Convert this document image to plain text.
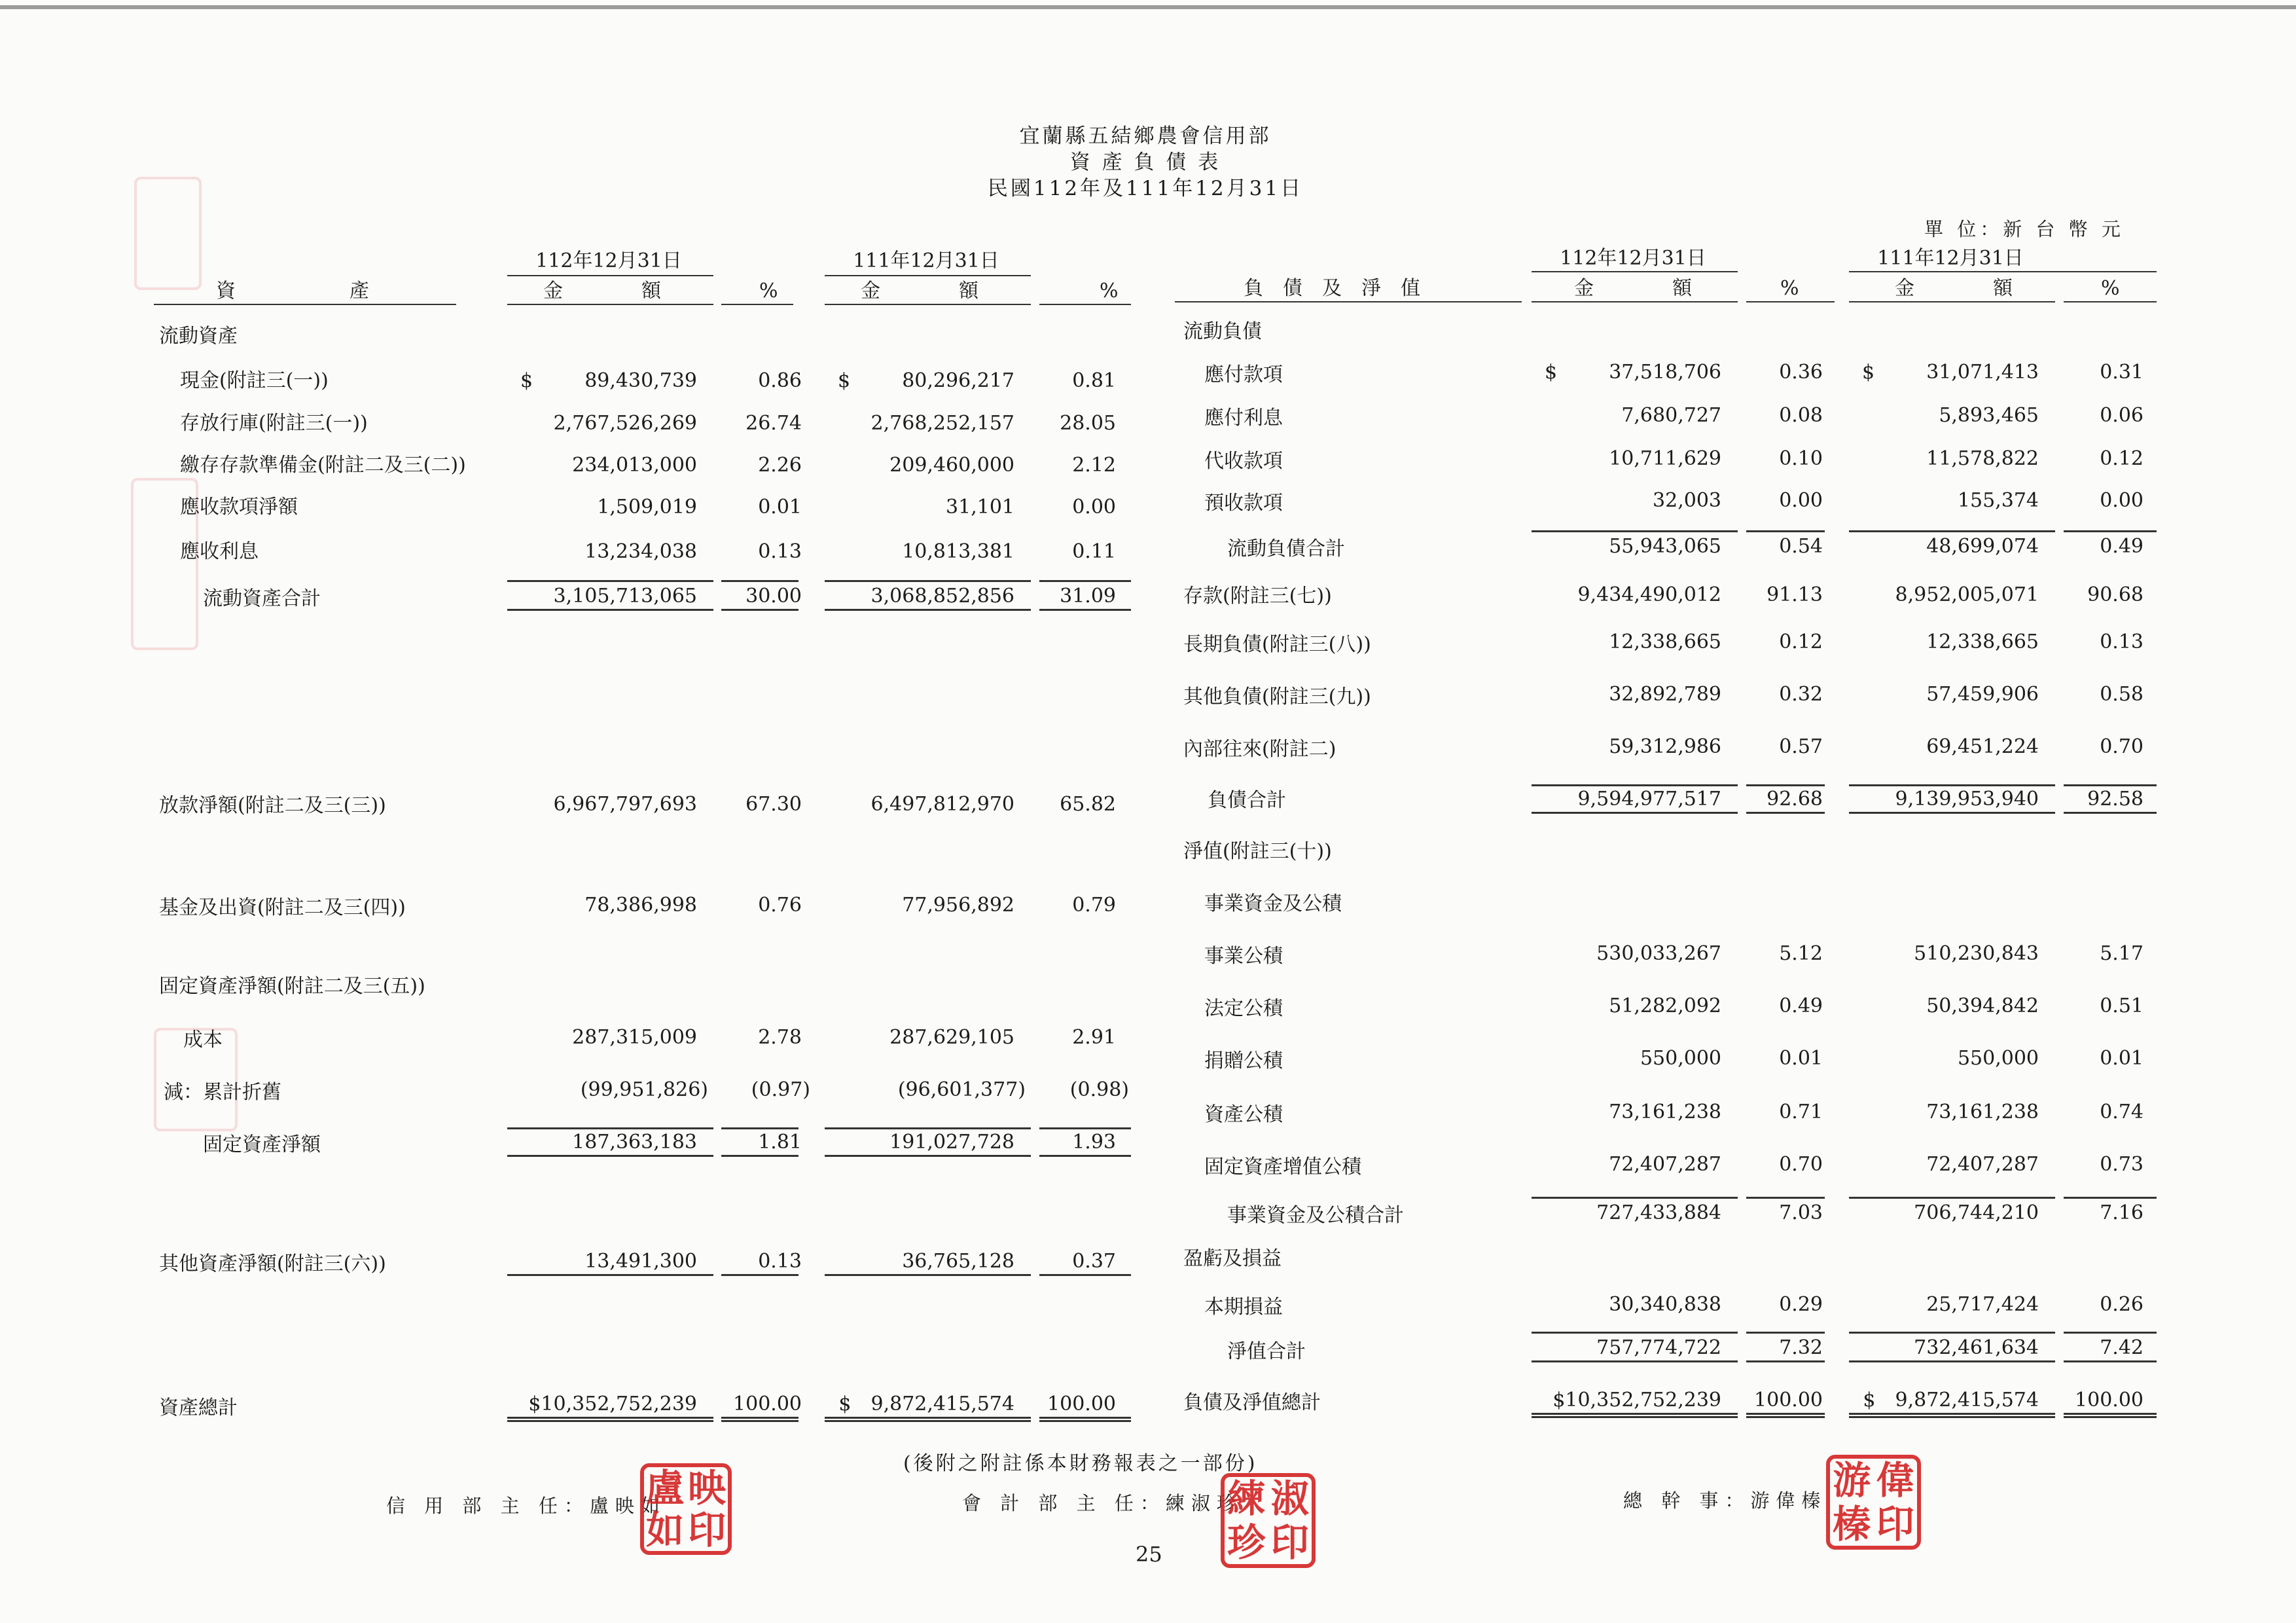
宜蘭縣五結鄉農會信用部
資 產 負 債 表
民國112年及111年12月31日
單 位：新 台 幣 元
112年12月31日	111年12月31日
資　　　　　產	金　　　　額	%	金　　　　額	%
112年12月31日	111年12月31日
負　債　及　淨　值	金　　　　額	%	金　　　　額	%
流動資產
現金(附註三(一))	$	89,430,739	0.86 $	80,296,217	0.81
存放行庫(附註三(一))	2,767,526,269	26.74	2,768,252,157	28.05
繳存存款準備金(附註二及三(二))	234,013,000	2.26	209,460,000	2.12
應收款項淨額	1,509,019	0.01	31,101	0.00
應收利息	13,234,038	0.13	10,813,381	0.11
流動資產合計	3,105,713,065	30.00	3,068,852,856	31.09
放款淨額(附註二及三(三))	6,967,797,693	67.30	6,497,812,970	65.82
基金及出資(附註二及三(四))	78,386,998	0.76	77,956,892	0.79
固定資產淨額(附註二及三(五))
成本	287,315,009	2.78	287,629,105	2.91
減：累計折舊	(99,951,826)	(0.97)	(96,601,377)	(0.98)
固定資產淨額	187,363,183	1.81	191,027,728	1.93
其他資產淨額(附註三(六))	13,491,300	0.13	36,765,128	0.37
資產總計	$10,352,752,239	100.00	$　9,872,415,574	100.00
流動負債
應付款項	$	37,518,706	0.36 $	31,071,413	0.31
應付利息	7,680,727	0.08	5,893,465	0.06
代收款項	10,711,629	0.10	11,578,822	0.12
預收款項	32,003	0.00	155,374	0.00
流動負債合計	55,943,065	0.54	48,699,074	0.49
存款(附註三(七))	9,434,490,012	91.13	8,952,005,071	90.68
長期負債(附註三(八))	12,338,665	0.12	12,338,665	0.13
其他負債(附註三(九))	32,892,789	0.32	57,459,906	0.58
內部往來(附註二)	59,312,986	0.57	69,451,224	0.70
負債合計	9,594,977,517	92.68	9,139,953,940	92.58
淨值(附註三(十))
事業資金及公積
事業公積	530,033,267	5.12	510,230,843	5.17
法定公積	51,282,092	0.49	50,394,842	0.51
捐贈公積	550,000	0.01	550,000	0.01
資產公積	73,161,238	0.71	73,161,238	0.74
固定資產增值公積	72,407,287	0.70	72,407,287	0.73
事業資金及公積合計	727,433,884	7.03	706,744,210	7.16
盈虧及損益
本期損益	30,340,838	0.29	25,717,424	0.26
淨值合計	757,774,722	7.32	732,461,634	7.42
負債及淨值總計	$10,352,752,239	100.00	$　9,872,415,574	100.00
(後附之附註係本財務報表之一部份)
信 用 部 主 任：盧映如	會 計 部 主 任：練淑珍	總 幹 事：游偉榛
盧 映
如 印
練 淑
珍 印
游 偉
榛 印
25
